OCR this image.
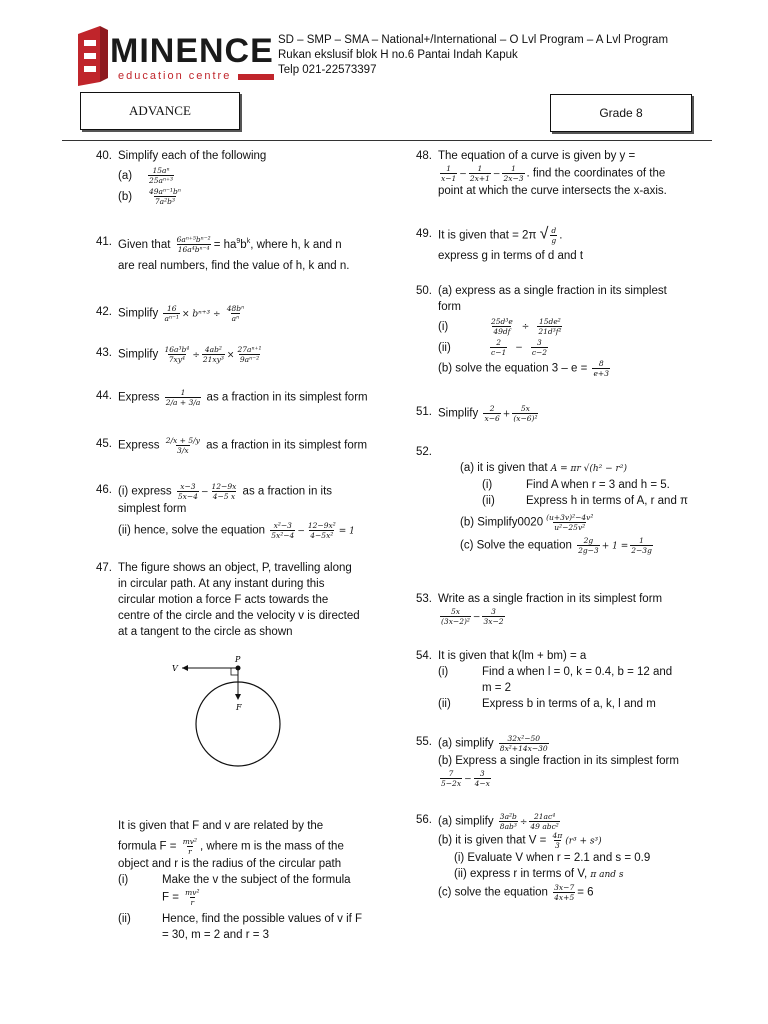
MINENCE
education centre
SD – SMP – SMA – National+/International – O Lvl Program – A Lvl Program
Rukan ekslusif blok H no.6 Pantai Indah Kapuk
Telp 021-22573397
ADVANCE	Grade 8
40. Simplify each of the following
(a)	15aⁿ
25aⁿ⁺³
(b)	49aⁿ⁻¹bⁿ
7a²b³
41. Given that $\frac{\text{6aⁿ⁺⁵bⁿ⁻²}}{\text{16a⁴bⁿ⁻⁴}} = ha^9b^k$, where h, k and n
are real numbers, find the value of h, k and n.
42. Simplify $\frac{16}{\text{aⁿ⁻¹}} \times b^{n+3} \div \frac{\text{48bⁿ}}{\text{aⁿ}}$
43. Simplify $\frac{\text{16a³b⁴}}{\text{7xy⁴}} \div \frac{\text{4ab²}}{\text{21xy³}} \times \frac{\text{27aⁿ⁺¹}}{\text{9aⁿ⁻²}}$
44. Express $\frac{1}{2/a + 3/a}$ as a fraction in its simplest form
45. Express $\frac{2/x + 5/y}{3/x}$ as a fraction in its simplest form
46. (i) express $\frac{x-3}{5x-4} - \frac{12-9x}{4-5 x}$ as a fraction in its
simplest form
(ii) hence, solve the equation $\frac{\text{x²−3}}{\text{5x²−4}} - \frac{\text{12−9x²}}{\text{4−5x²}} = 1$
47. The figure shows an object, P, travelling along
in circular path. At any instant during this
circular motion a force F acts towards the
centre of the circle and the velocity v is directed
at a tangent to the circle as shown
V
P
F
It is given that F and v are related by the
formula $F = \frac{\text{mv²}}{r}$ , where m is the mass of the
object and r is the radius of the circular path
(i)	Make the v the subject of the formula
$F = \frac{\text{mv²}}{r}$
(ii)	Hence, find the possible values of v if F
= 30, m = 2 and r = 3
48. The equation of a curve is given by y =
$\frac{1}{x-1} - \frac{1}{2x+1} - \frac{1}{2x-3}$ . find the coordinates of the
point at which the curve intersects the x-axis.
49. It is given that = 2π √ $\frac{d}{g}$ .
express g in terms of d and t
50. (a) express as a single fraction in its simplest
form
(i)	$\frac{\text{25d³e}}{49df} \div \frac{\text{15de²}}{\text{21d³f²}}$
(ii)	2
$c-1 - \frac{3}{c-2}$
(b) solve the equation $3 - e = \frac{8}{e+3}$
51. Simplify $\frac{2}{x-6} + \frac{5x}{\text{(x−6)²}}$
52.
(a) it is given that A = πr √(h² − r²)
(i)	Find A when r = 3 and h = 5.
(ii)	Express h in terms of A, r and π
(b) Simplify0020 $\frac{\text{(u+3v)²−4v²}}{\text{u²−25v²}}$
(c) Solve the equation $\frac{2g}{2g-3} + 1 = \frac{1}{2-3g}$
53. Write as a single fraction in its simplest form
$\frac{5x}{\text{(3x−2)²}} - \frac{3}{3x-2}$
54. It is given that k(lm + bm) = a
(i)	Find a when l = 0, k = 0.4, b = 12 and
m = 2
(ii)	Express b in terms of a, k, l and m
55. (a) simplify $\frac{\text{32x²−50}}{\text{8x²+14x−30}}$
(b) Express a single fraction in its simplest form
$\frac{7}{5-2x} - \frac{3}{4-x}$
56. (a) simplify $\frac{\text{3a²b}}{\text{8ab³}}$ ÷
21ac⁴
49 abc²
(b) it is given that $V = \frac{4\pi}{3} (r^3 + s^3)$
(i) Evaluate V when r = 2.1 and s = 0.9
(ii) express r in terms of V, π and s
(c) solve the equation $\frac{3x-7}{4x+5} = 6$
